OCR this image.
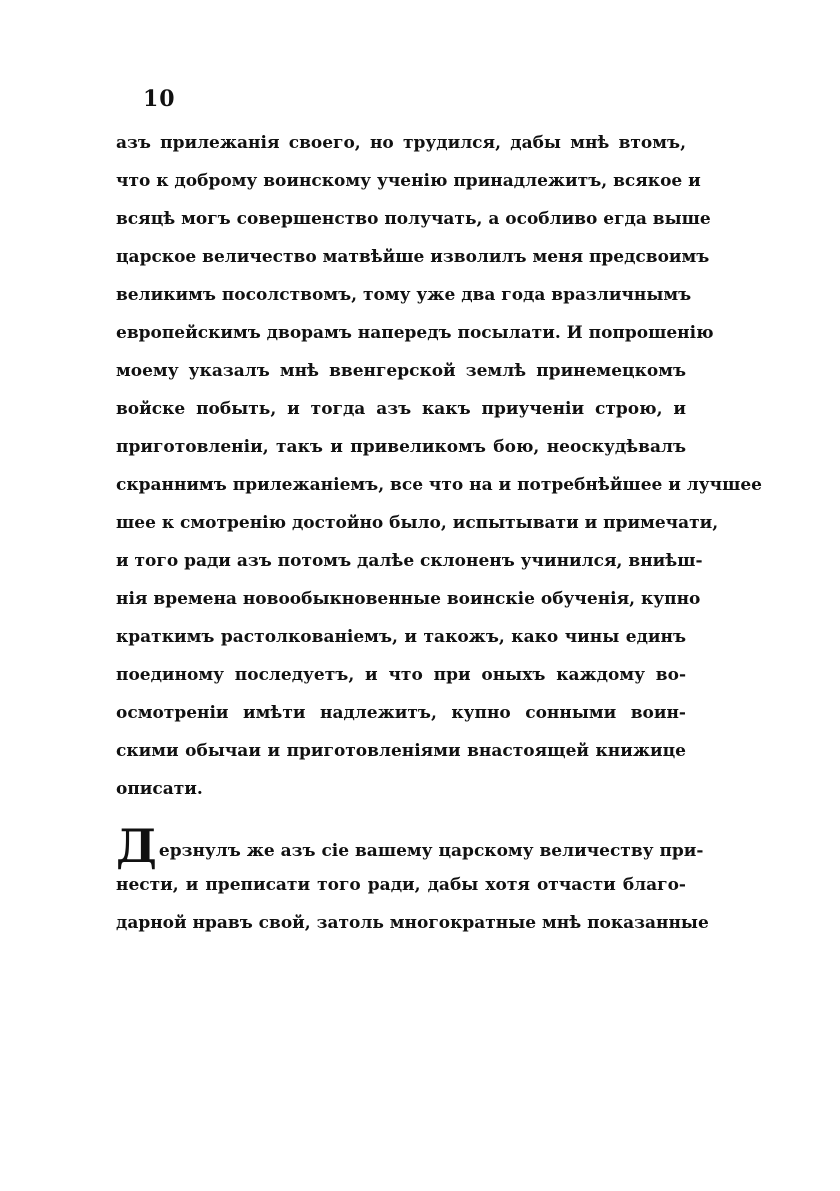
10
азъ прилежанія своего, но трудился, дабы мнѣ втомъ,
что к доброму воинскому ученію принадлежитъ, всякое и
всяцѣ могъ совершенство получать, а особливо егда выше
царское величество матвѣйше изволилъ меня предсвоимъ
великимъ посолствомъ, тому уже два года вразличнымъ
европейскимъ дворамъ напередъ посылати. И попрошенію
моему указалъ мнѣ ввенгерской землѣ принемецкомъ
войске побыть, и тогда азъ какъ приученіи строю, и
приготовленіи, такъ и привеликомъ бою, неоскудѣвалъ
скраннимъ прилежаніемъ, все что на и потребнѣйшее и лучшее
шее к смотренію достойно было, испытывати и примечати,
и того ради азъ потомъ далѣе склоненъ учинился, вниѣш-
нія времена новообыкновенные воинскіе обученія, купно
краткимъ растолкованіемъ, и такожъ, како чины единъ
поединому последуетъ, и что при оныхъ каждому во-
осмотреніи имѣти надлежитъ, купно сонными воин-
скими обычаи и приготовленіями внастоящей книжице
описати.
Д ерзнулъ же азъ сіе вашему царскому величеству при-
нести, и преписати того ради, дабы хотя отчасти благо-
дарной нравъ свой, затоль многократные мнѣ показанные
